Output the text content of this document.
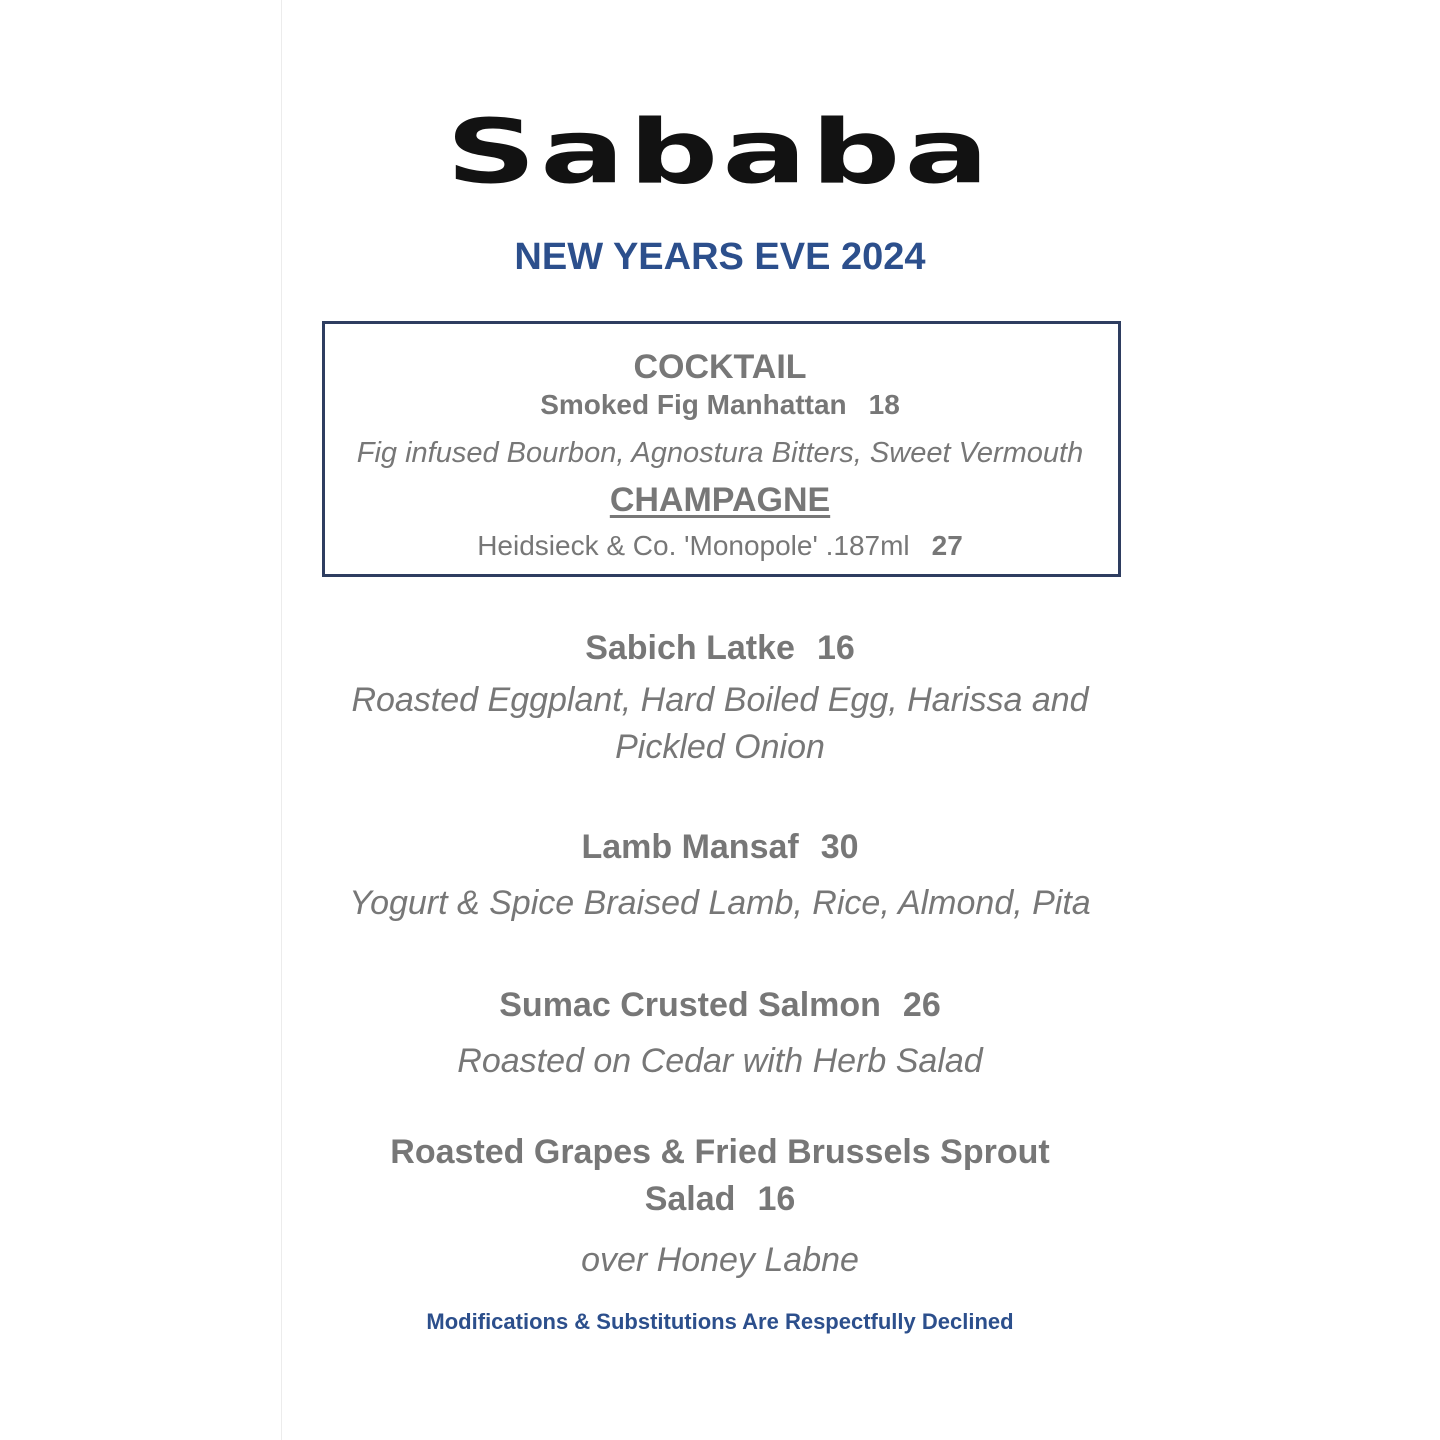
Sababa
NEW YEARS EVE 2024
COCKTAIL
Smoked Fig Manhattan 18
Fig infused Bourbon, Agnostura Bitters, Sweet Vermouth
CHAMPAGNE
Heidsieck & Co. 'Monopole' .187ml 27
Sabich Latke 16
Roasted Eggplant, Hard Boiled Egg, Harissa and
Pickled Onion
Lamb Mansaf 30
Yogurt & Spice Braised Lamb, Rice, Almond, Pita
Sumac Crusted Salmon 26
Roasted on Cedar with Herb Salad
Roasted Grapes & Fried Brussels Sprout
Salad 16
over Honey Labne
Modifications & Substitutions Are Respectfully Declined
